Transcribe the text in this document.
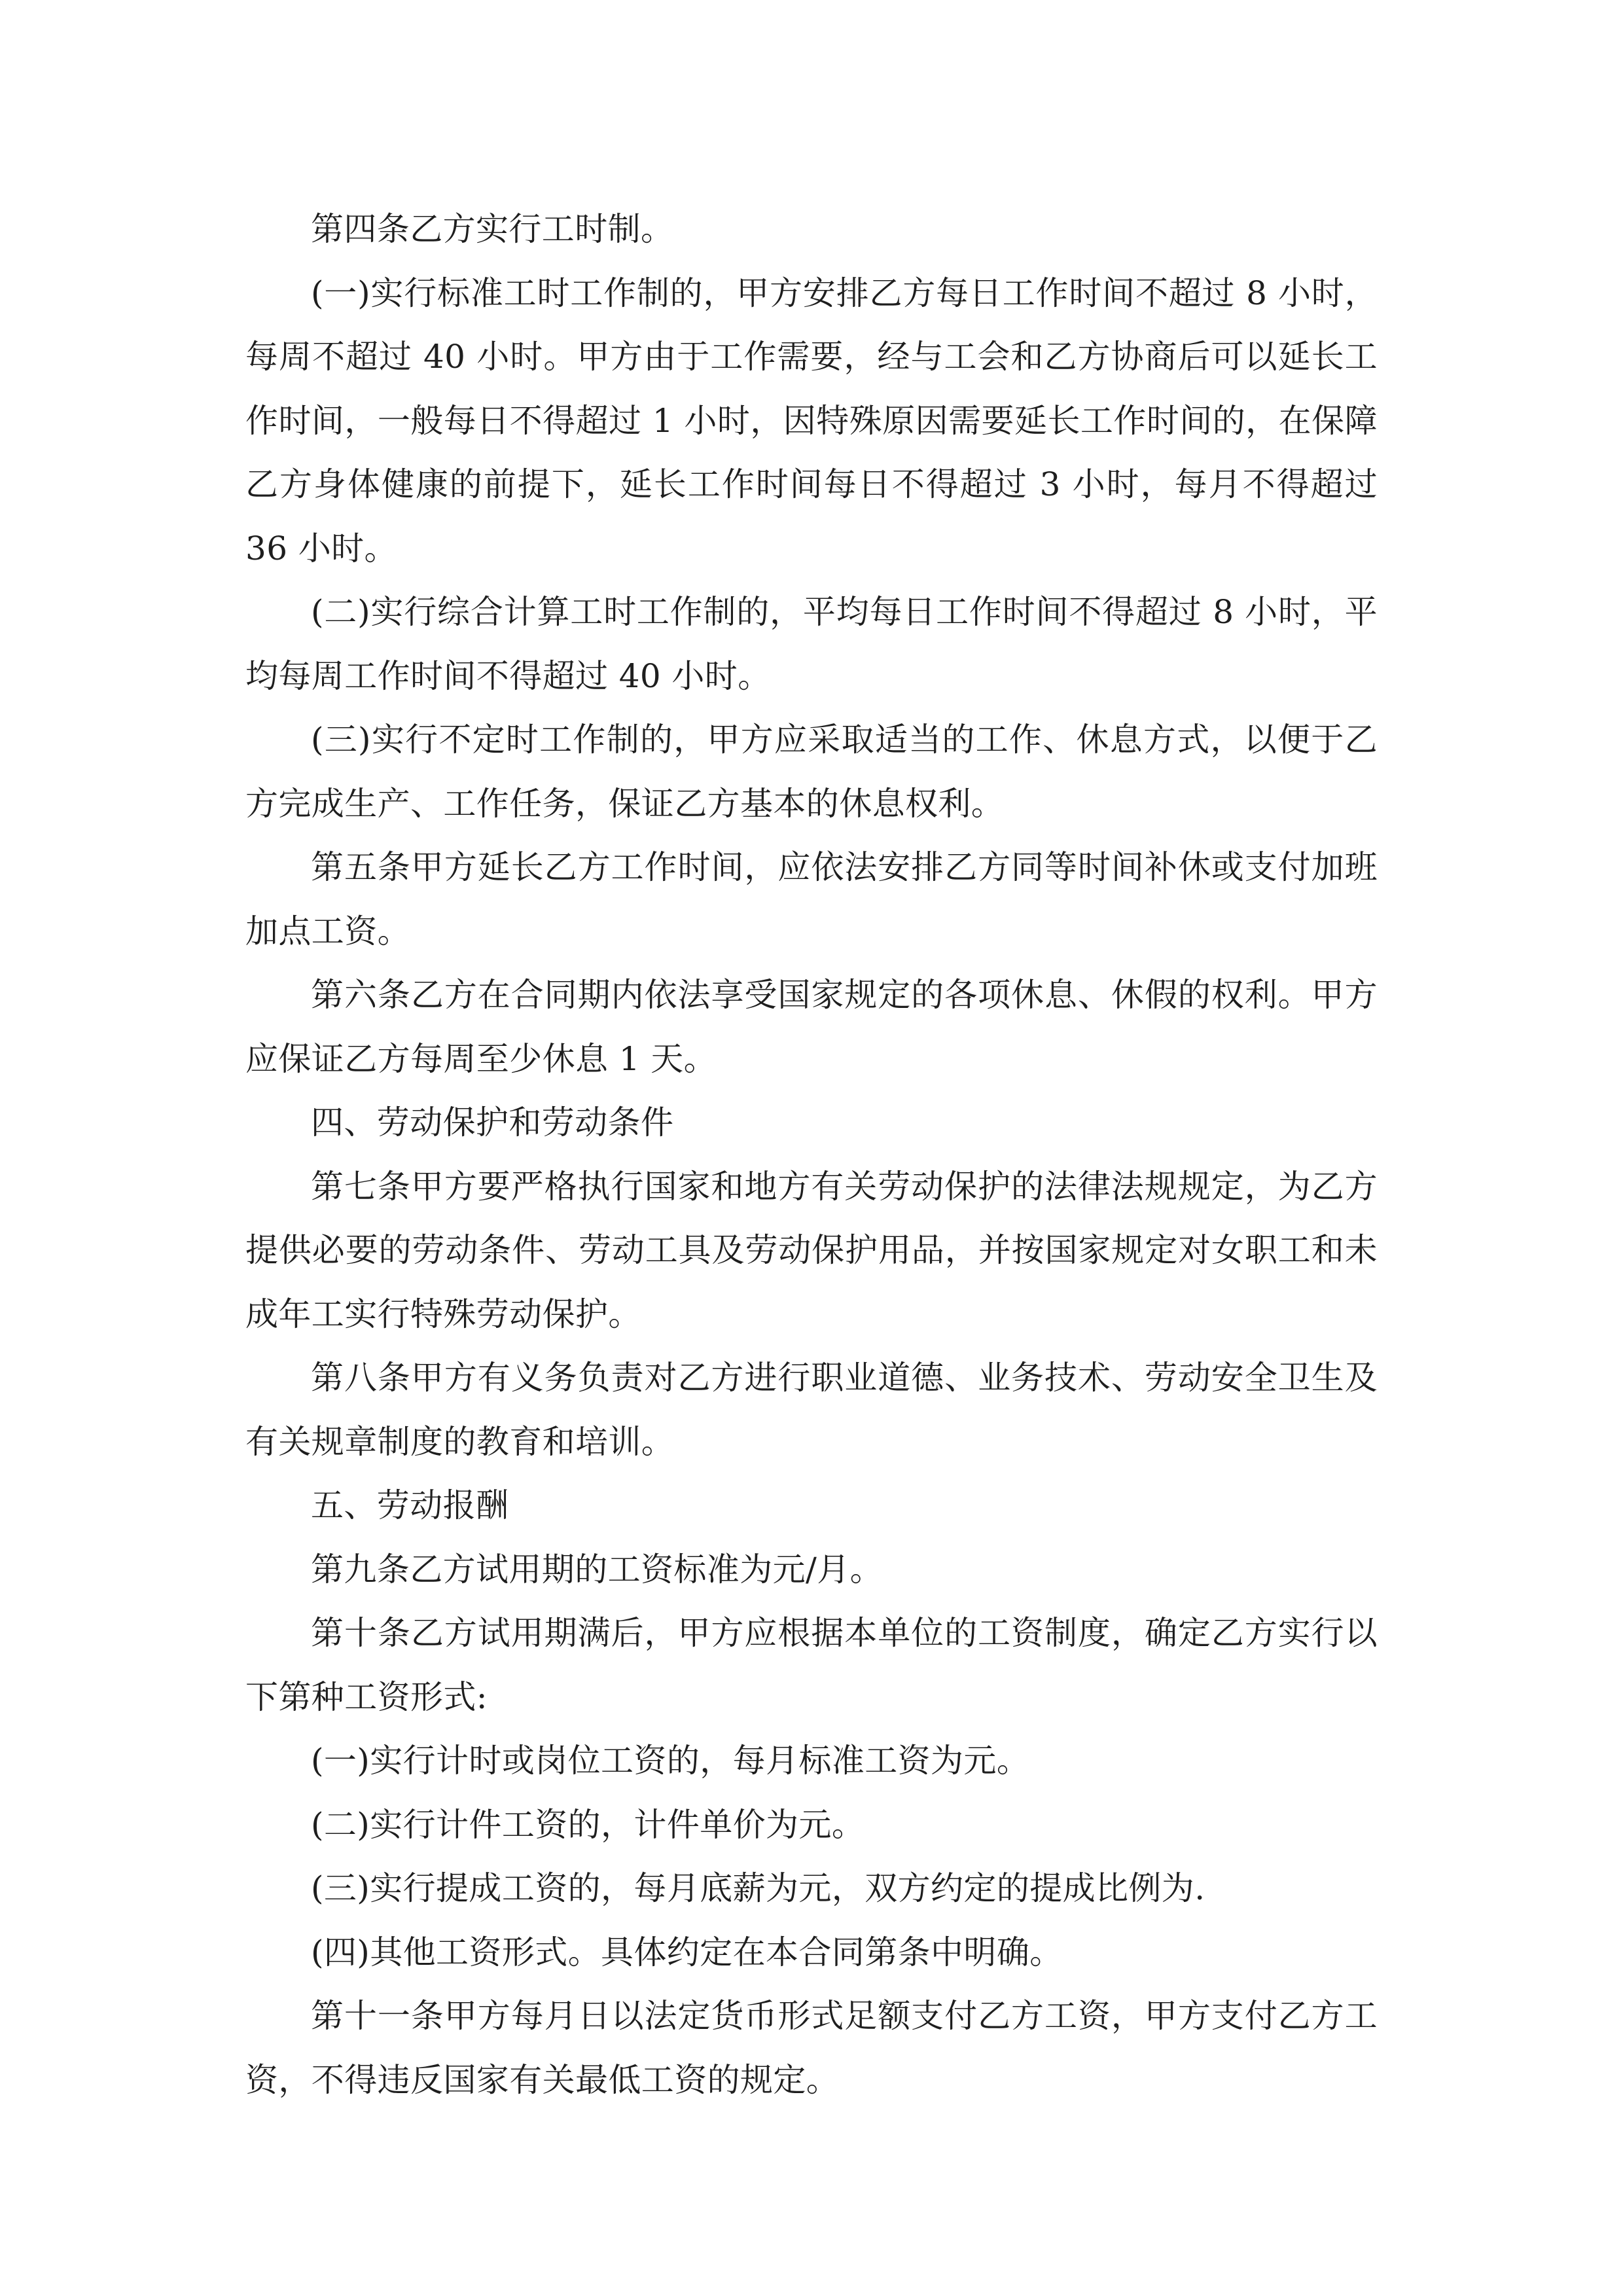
第四条乙方实行工时制。

(一)实行标准工时工作制的，甲方安排乙方每日工作时间不超过 8 小时，每周不超过 40 小时。甲方由于工作需要，经与工会和乙方协商后可以延长工作时间，一般每日不得超过 1 小时，因特殊原因需要延长工作时间的，在保障乙方身体健康的前提下，延长工作时间每日不得超过 3 小时，每月不得超过 36 小时。

(二)实行综合计算工时工作制的，平均每日工作时间不得超过 8 小时，平均每周工作时间不得超过 40 小时。

(三)实行不定时工作制的，甲方应采取适当的工作、休息方式，以便于乙方完成生产、工作任务，保证乙方基本的休息权利。

第五条甲方延长乙方工作时间，应依法安排乙方同等时间补休或支付加班加点工资。

第六条乙方在合同期内依法享受国家规定的各项休息、休假的权利。甲方应保证乙方每周至少休息 1 天。

四、劳动保护和劳动条件

第七条甲方要严格执行国家和地方有关劳动保护的法律法规规定，为乙方提供必要的劳动条件、劳动工具及劳动保护用品，并按国家规定对女职工和未成年工实行特殊劳动保护。

第八条甲方有义务负责对乙方进行职业道德、业务技术、劳动安全卫生及有关规章制度的教育和培训。

五、劳动报酬

第九条乙方试用期的工资标准为元/月。

第十条乙方试用期满后，甲方应根据本单位的工资制度，确定乙方实行以下第种工资形式:

(一)实行计时或岗位工资的，每月标准工资为元。

(二)实行计件工资的，计件单价为元。

(三)实行提成工资的，每月底薪为元，双方约定的提成比例为.

(四)其他工资形式。具体约定在本合同第条中明确。

第十一条甲方每月日以法定货币形式足额支付乙方工资，甲方支付乙方工资，不得违反国家有关最低工资的规定。
